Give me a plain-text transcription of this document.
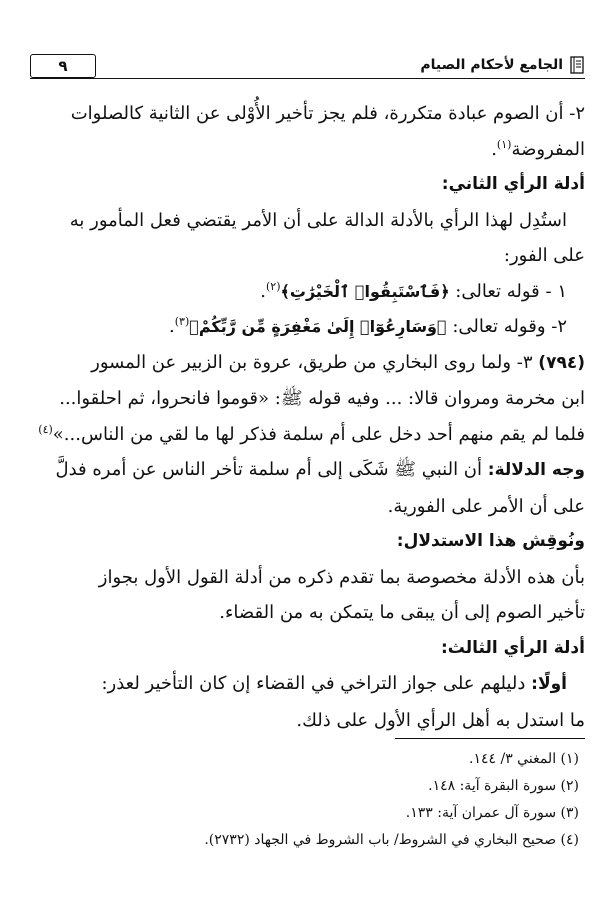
٩	الجامع لأحكام الصيام

٢- أن الصوم عبادة متكررة، فلم يجز تأخير الأُوْلى عن الثانية كالصلوات المفروضة$^{(١)}$.

أدلة الرأي الثاني:

استُدِل لهذا الرأي بالأدلة الدالة على أن الأمر يقتضي فعل المأمور به

على الفور:

١ - قوله تعالى: ﴿فَٱسْتَبِقُوا۟ ٱلْخَيْرَٰتِ﴾$^{(٢)}$.

٢- وقوله تعالى: ﴿وَسَارِعُوٓا۟ إِلَىٰ مَغْفِرَةٍ مِّن رَّبِّكُمْ﴾$^{(٣)}$.

(٧٩٤) ٣- ولما روى البخاري من طريق، عروة بن الزبير عن المسور

ابن مخرمة ومروان قالا: ... وفيه قوله ﷺ: «قوموا فانحروا، ثم احلقوا...

فلما لم يقم منهم أحد دخل على أم سلمة فذكر لها ما لقي من الناس...»$^{(٤)}$

وجه الدلالة: أن النبي ﷺ شَكَى إلى أم سلمة تأخر الناس عن أمره فدلَّ

على أن الأمر على الفورية.

ونُوقِش هذا الاستدلال:

بأن هذه الأدلة مخصوصة بما تقدم ذكره من أدلة القول الأول بجواز

تأخير الصوم إلى أن يبقى ما يتمكن به من القضاء.

أدلة الرأي الثالث:

أولًا: دليلهم على جواز التراخي في القضاء إن كان التأخير لعذر:

ما استدل به أهل الرأي الأول على ذلك.

(١) المغني ٣/ ١٤٤.

(٢) سورة البقرة آية: ١٤٨.

(٣) سورة آل عمران آية: ١٣٣.

(٤) صحيح البخاري في الشروط/ باب الشروط في الجهاد (٢٧٣٢).
